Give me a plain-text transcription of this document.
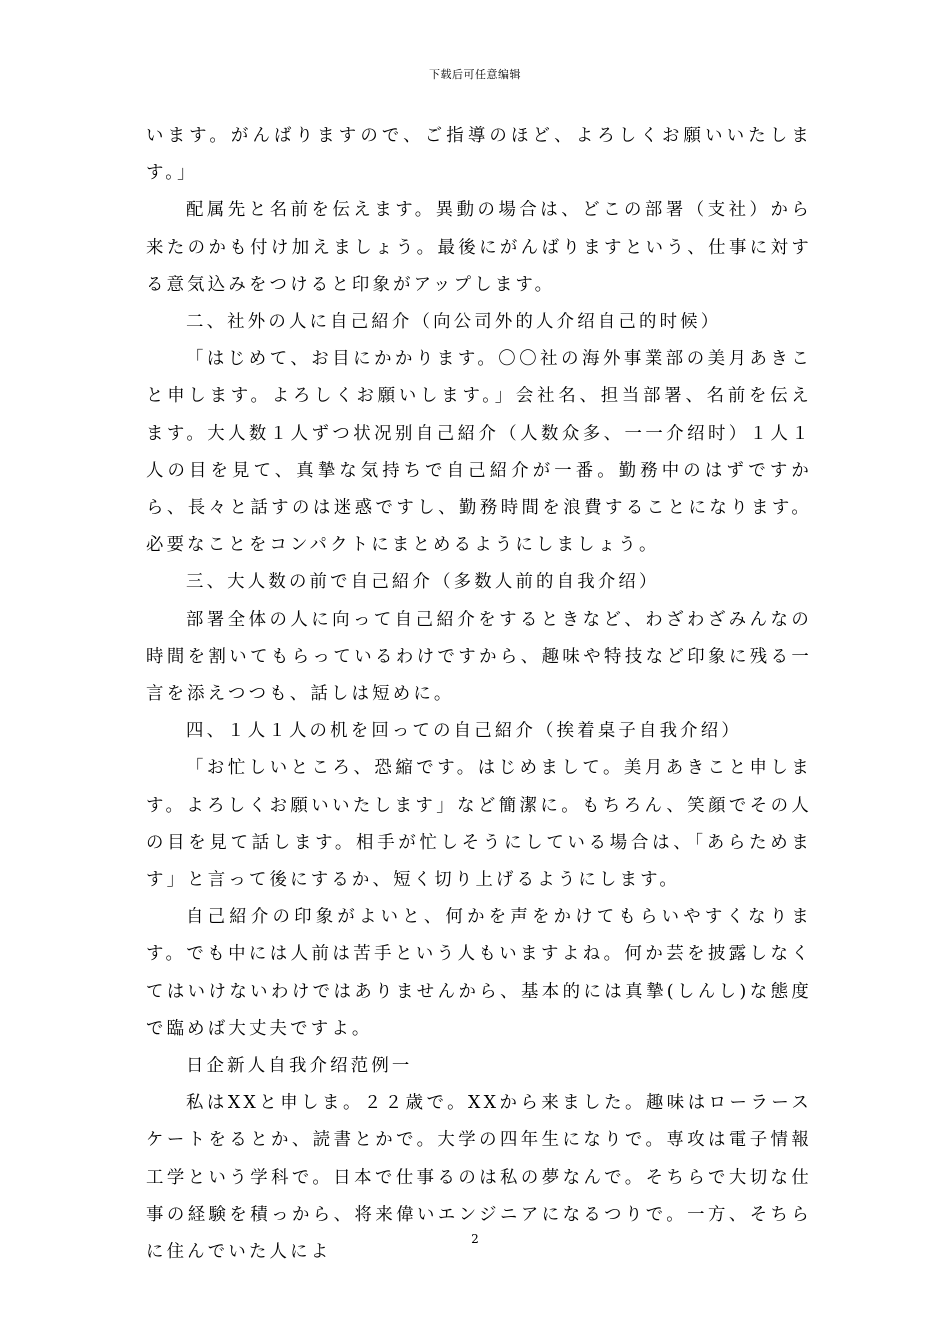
下载后可任意编辑

います。がんばりますので、ご指導のほど、よろしくお願いいたします。」

配属先と名前を伝えます。異動の場合は、どこの部署（支社）から来たのかも付け加えましょう。最後にがんばりますという、仕事に対する意気込みをつけると印象がアップします。

二、社外の人に自己紹介（向公司外的人介绍自己的时候）

「はじめて、お目にかかります。〇〇社の海外事業部の美月あきこと申します。よろしくお願いします。」会社名、担当部署、名前を伝えます。大人数１人ずつ状况别自己紹介（人数众多、一一介绍时）１人１人の目を見て、真摯な気持ちで自己紹介が一番。勤務中のはずですから、長々と話すのは迷惑ですし、勤務時間を浪費することになります。必要なことをコンパクトにまとめるようにしましょう。

三、大人数の前で自己紹介（多数人前的自我介绍）

部署全体の人に向って自己紹介をするときなど、わざわざみんなの時間を割いてもらっているわけですから、趣味や特技など印象に残る一言を添えつつも、話しは短めに。

四、１人１人の机を回っての自己紹介（挨着桌子自我介绍）

「お忙しいところ、恐縮です。はじめまして。美月あきこと申します。よろしくお願いいたします」など簡潔に。もちろん、笑顔でその人の目を見て話します。相手が忙しそうにしている場合は、「あらためます」と言って後にするか、短く切り上げるようにします。

自己紹介の印象がよいと、何かを声をかけてもらいやすくなります。でも中には人前は苦手という人もいますよね。何か芸を披露しなくてはいけないわけではありませんから、基本的には真摯(しんし)な態度で臨めば大丈夫ですよ。

日企新人自我介绍范例一

私はXXと申しま。２２歳で。XXから来ました。趣味はローラースケートをるとか、読書とかで。大学の四年生になりで。専攻は電子情報工学という学科で。日本で仕事るのは私の夢なんで。そちらで大切な仕事の経験を積っから、将来偉いエンジニアになるつりで。一方、そちらに住んでいた人によ

2
